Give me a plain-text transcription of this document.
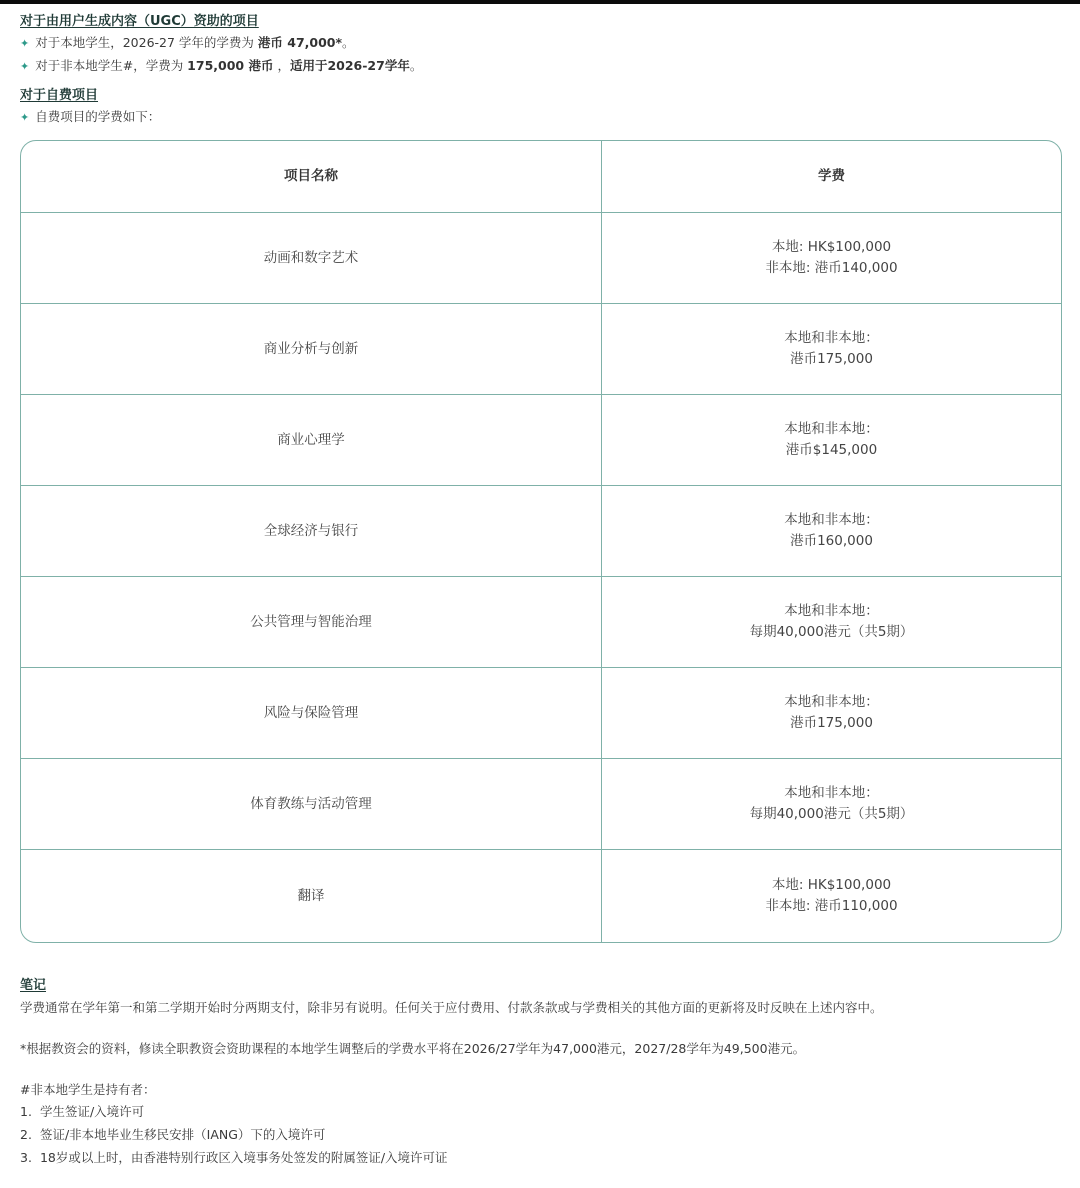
对于由用户生成内容（UGC）资助的项目
✦ 对于本地学生，2026-27 学年的学费为 港币 47,000*。
✦ 对于非本地学生#，学费为 175,000 港币 ，适用于2026-27学年。
对于自费项目
✦ 自费项目的学费如下：
项目名称	学费
动画和数字艺术
本地: HK$100,000
非本地: 港币140,000
商业分析与创新
本地和非本地：
港币175,000
商业心理学
本地和非本地：
港币$145,000
全球经济与银行
本地和非本地：
港币160,000
公共管理与智能治理
本地和非本地：
每期40,000港元（共5期）
风险与保险管理
本地和非本地：
港币175,000
体育教练与活动管理
本地和非本地：
每期40,000港元（共5期）
翻译
本地: HK$100,000
非本地: 港币110,000
笔记
学费通常在学年第一和第二学期开始时分两期支付，除非另有说明。任何关于应付费用、付款条款或与学费相关的其他方面的更新将及时反映在上述内容中。
*根据教资会的资料，修读全职教资会资助课程的本地学生调整后的学费水平将在2026/27学年为47,000港元，2027/28学年为49,500港元。
#非本地学生是持有者：
1. 学生签证/入境许可
2. 签证/非本地毕业生移民安排（IANG）下的入境许可
3. 18岁或以上时，由香港特别行政区入境事务处签发的附属签证/入境许可证
